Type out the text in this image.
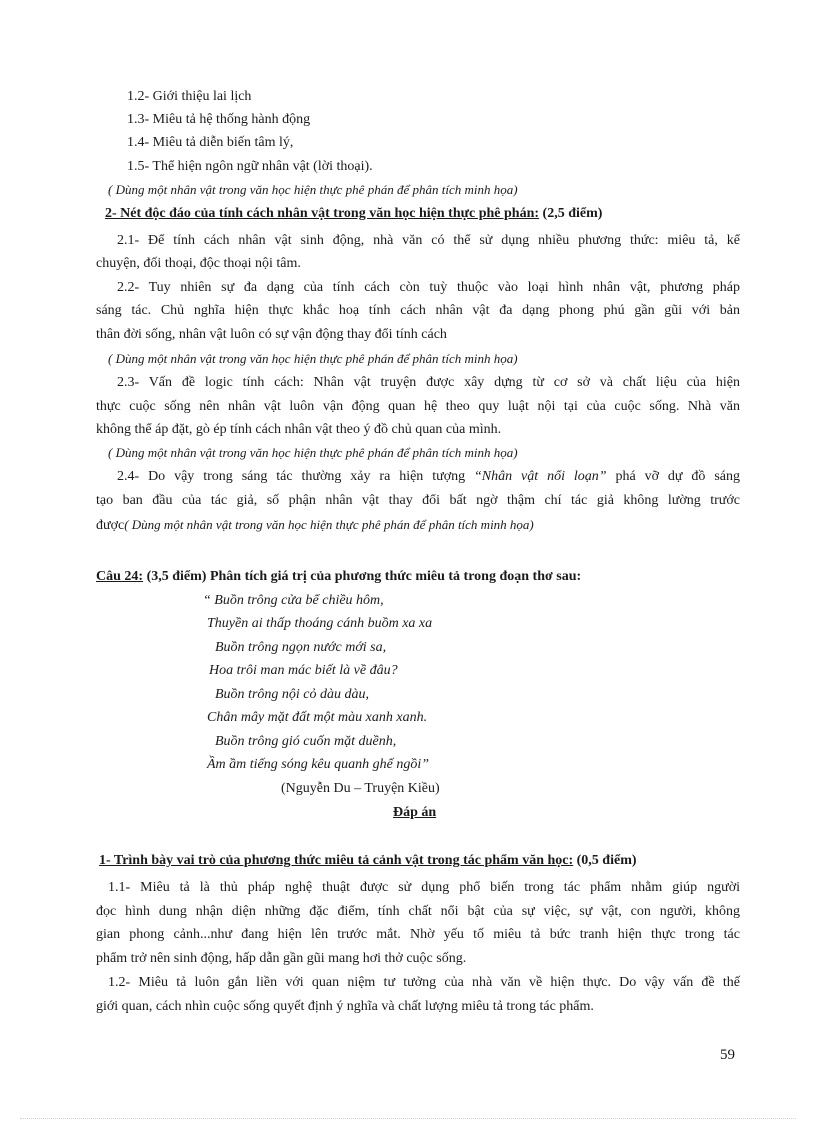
1.2- Giới thiệu lai lịch
1.3- Miêu tả hệ thống hành động
1.4- Miêu tả diễn biến tâm lý,
1.5- Thể hiện ngôn ngữ nhân vật (lời thoại).
( Dùng một nhân vật trong văn học hiện thực phê phán để phân tích minh họa)
2- Nét độc đáo của tính cách nhân vật trong văn học hiện thực phê phán: (2,5 điểm)
2.1- Để tính cách nhân vật sinh động, nhà văn có thể sử dụng nhiều phương thức: miêu tả, kể
chuyện, đối thoại, độc thoại nội tâm.
2.2- Tuy nhiên sự đa dạng của tính cách còn tuỳ thuộc vào loại hình nhân vật, phương pháp
sáng tác. Chủ nghĩa hiện thực khắc hoạ tính cách nhân vật đa dạng phong phú gần gũi với bản
thân đời sống, nhân vật luôn có sự vận động thay đổi tính cách
( Dùng một nhân vật trong văn học hiện thực phê phán để phân tích minh họa)
2.3- Vấn đề logic tính cách: Nhân vật truyện được xây dựng từ cơ sở và chất liệu của hiện
thực cuộc sống nên nhân vật luôn vận động quan hệ theo quy luật nội tại của cuộc sống. Nhà văn
không thể áp đặt, gò ép tính cách nhân vật theo ý đồ chủ quan của mình.
( Dùng một nhân vật trong văn học hiện thực phê phán để phân tích minh họa)
2.4- Do vậy trong sáng tác thường xảy ra hiện tượng “Nhân vật nổi loạn” phá vỡ dự đồ sáng
tạo ban đầu của tác giả, số phận nhân vật thay đổi bất ngờ thậm chí tác giả không lường trước
được( Dùng một nhân vật trong văn học hiện thực phê phán để phân tích minh họa)
Câu 24: (3,5 điểm) Phân tích giá trị của phương thức miêu tả trong đoạn thơ sau:
“ Buồn trông cửa bể chiều hôm,
Thuyền ai thấp thoáng cánh buồm xa xa
Buồn trông ngọn nước mới sa,
Hoa trôi man mác biết là về đâu?
Buồn trông nội cỏ dàu dàu,
Chân mây mặt đất một màu xanh xanh.
Buồn trông gió cuốn mặt duềnh,
Ầm ầm tiếng sóng kêu quanh ghế ngồi”
(Nguyễn Du – Truyện Kiều)
Đáp án
1- Trình bày vai trò của phương thức miêu tả cảnh vật trong tác phẩm văn học: (0,5 điểm)
1.1- Miêu tả là thủ pháp nghệ thuật được sử dụng phổ biến trong tác phẩm nhằm giúp người
đọc hình dung nhận diện những đặc điểm, tính chất nổi bật của sự việc, sự vật, con người, không
gian phong cảnh...như đang hiện lên trước mắt. Nhờ yếu tố miêu tả bức tranh hiện thực trong tác
phẩm trở nên sinh động, hấp dẫn gần gũi mang hơi thở cuộc sống.
1.2- Miêu tả luôn gắn liền với quan niệm tư tưởng của nhà văn về hiện thực. Do vậy vấn đề thế
giới quan, cách nhìn cuộc sống quyết định ý nghĩa và chất lượng miêu tả trong tác phẩm.
59
